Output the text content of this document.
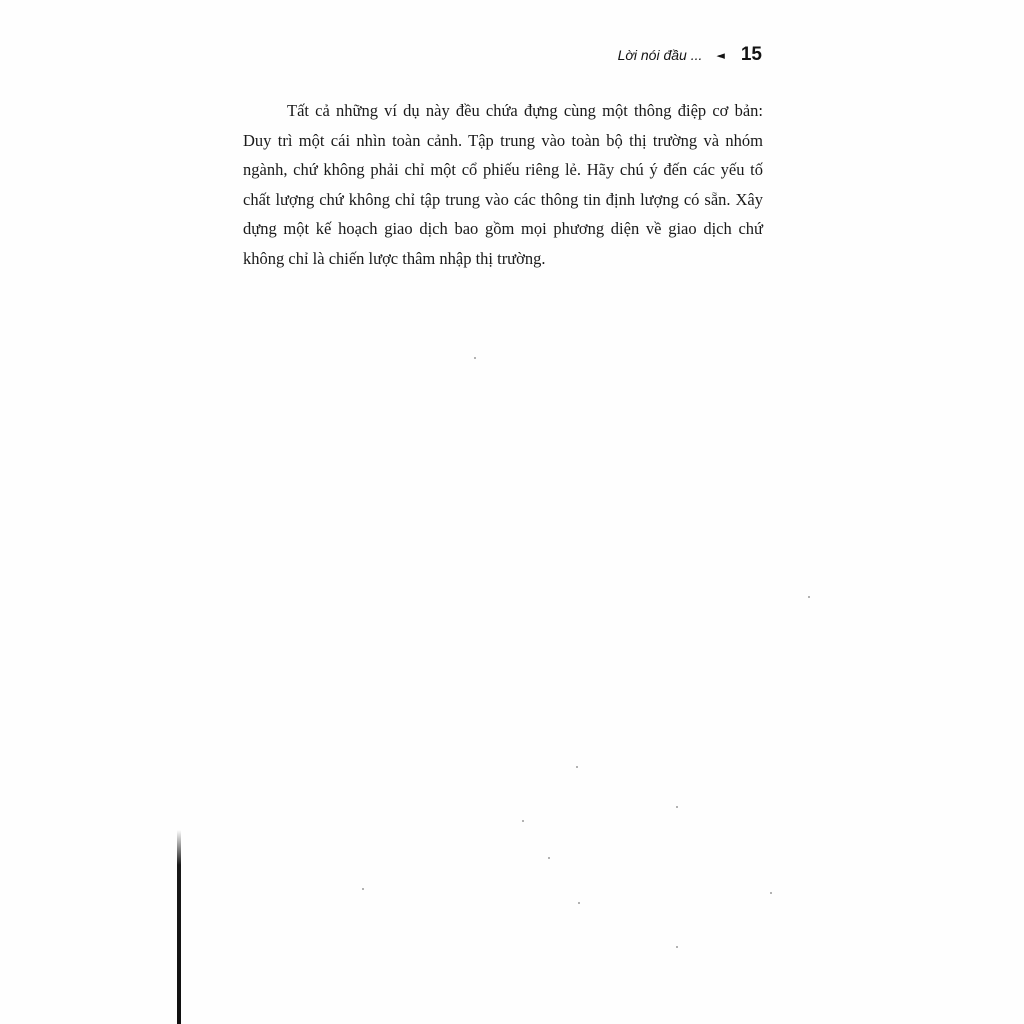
Lời nói đầu ... ◄ 15

Tất cả những ví dụ này đều chứa đựng cùng một thông điệp cơ bản: Duy trì một cái nhìn toàn cảnh. Tập trung vào toàn bộ thị trường và nhóm ngành, chứ không phải chỉ một cổ phiếu riêng lẻ. Hãy chú ý đến các yếu tố chất lượng chứ không chỉ tập trung vào các thông tin định lượng có sẵn. Xây dựng một kế hoạch giao dịch bao gồm mọi phương diện về giao dịch chứ không chỉ là chiến lược thâm nhập thị trường.
